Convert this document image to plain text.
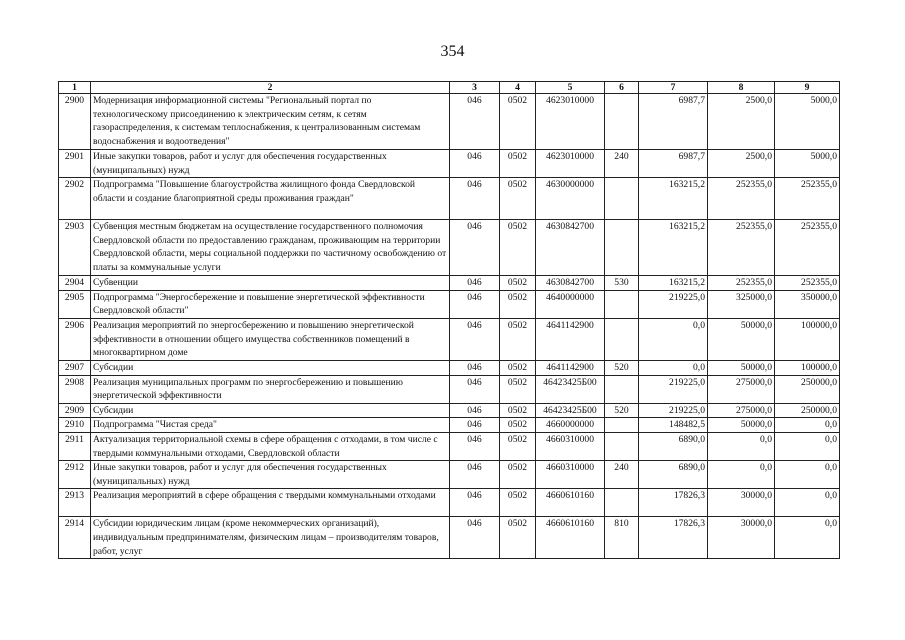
354
1	2	3	4	5	6	7	8	9
2900	Модернизация информационной системы "Региональный портал по технологическому присоединению к электрическим сетям, к сетям газораспределения, к системам теплоснабжения, к централизованным системам водоснабжения и водоотведения"	046	0502	4623010000		6987,7	2500,0	5000,0
2901	Иные закупки товаров, работ и услуг для обеспечения государственных (муниципальных) нужд	046	0502	4623010000	240	6987,7	2500,0	5000,0
2902	Подпрограмма "Повышение благоустройства жилищного фонда Свердловской области и создание благоприятной среды проживания граждан"	046	0502	4630000000		163215,2	252355,0	252355,0
2903	Субвенция местным бюджетам на осуществление государственного полномочия Свердловской области по предоставлению гражданам, проживающим на территории Свердловской области, меры социальной поддержки по частичному освобождению от платы за коммунальные услуги	046	0502	4630842700		163215,2	252355,0	252355,0
2904	Субвенции	046	0502	4630842700	530	163215,2	252355,0	252355,0
2905	Подпрограмма "Энергосбережение и повышение энергетической эффективности Свердловской области"	046	0502	4640000000		219225,0	325000,0	350000,0
2906	Реализация мероприятий по энергосбережению и повышению энергетической эффективности в отношении общего имущества собственников помещений в многоквартирном доме	046	0502	4641142900		0,0	50000,0	100000,0
2907	Субсидии	046	0502	4641142900	520	0,0	50000,0	100000,0
2908	Реализация муниципальных программ по энергосбережению и повышению энергетической эффективности	046	0502	46423425Б00		219225,0	275000,0	250000,0
2909	Субсидии	046	0502	46423425Б00	520	219225,0	275000,0	250000,0
2910	Подпрограмма "Чистая среда"	046	0502	4660000000		148482,5	50000,0	0,0
2911	Актуализация территориальной схемы в сфере обращения с отходами, в том числе с твердыми коммунальными отходами, Свердловской области	046	0502	4660310000		6890,0	0,0	0,0
2912	Иные закупки товаров, работ и услуг для обеспечения государственных (муниципальных) нужд	046	0502	4660310000	240	6890,0	0,0	0,0
2913	Реализация мероприятий в сфере обращения с твердыми коммунальными отходами	046	0502	4660610160		17826,3	30000,0	0,0
2914	Субсидии юридическим лицам (кроме некоммерческих организаций), индивидуальным предпринимателям, физическим лицам – производителям товаров, работ, услуг	046	0502	4660610160	810	17826,3	30000,0	0,0
